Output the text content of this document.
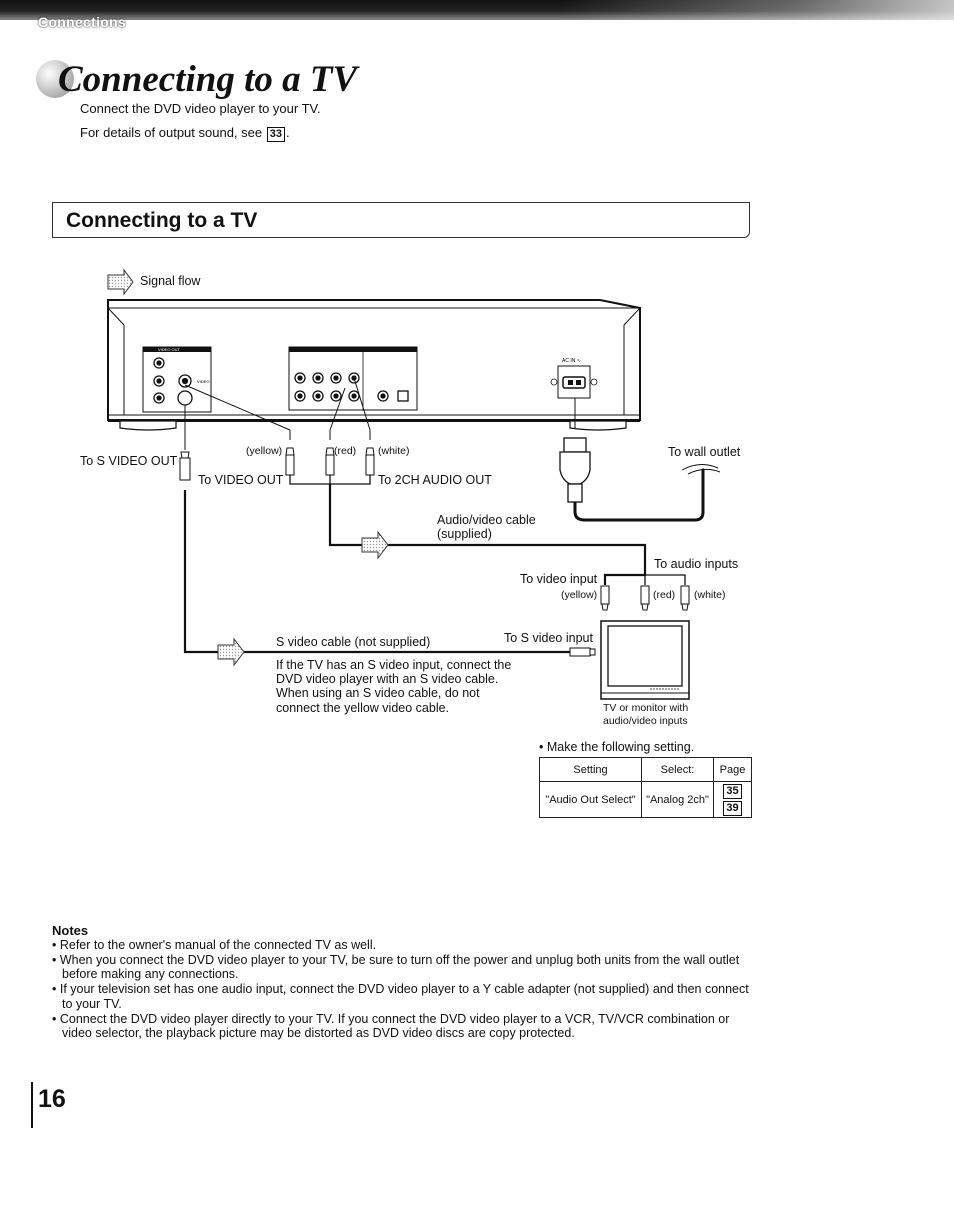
Connections
Connecting to a TV
Connect the DVD video player to your TV.
For details of output sound, see 33 .
Connecting to a TV
VIDEO OUT
VIDEO
AC IN ∿
Signal flow
To S VIDEO OUT
(yellow)	(red) (white)
To VIDEO OUT	To 2CH AUDIO OUT
To wall outlet
Audio/video cable
(supplied)
To audio inputs
To video input
(yellow)	(red) (white)
S video cable (not supplied)	To S video input
If the TV has an S video input, connect the
DVD video player with an S video cable.
When using an S video cable, do not
connect the yellow video cable.	TV or monitor with
audio/video inputs
• Make the following setting.
Setting	Select:	Page
"Audio Out Select"	"Analog 2ch"	35
39
Notes
• Refer to the owner's manual of the connected TV as well.
• When you connect the DVD video player to your TV, be sure to turn off the power and unplug both units from the wall outlet before making any connections.
• If your television set has one audio input, connect the DVD video player to a Y cable adapter (not supplied) and then connect to your TV.
• Connect the DVD video player directly to your TV. If you connect the DVD video player to a VCR, TV/VCR combination or video selector, the playback picture may be distorted as DVD video discs are copy protected.
16
